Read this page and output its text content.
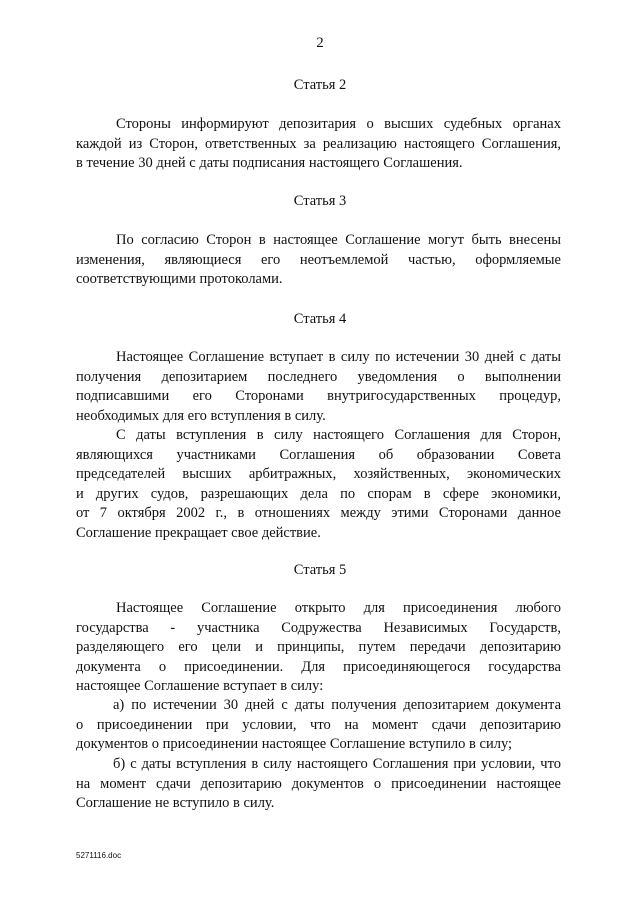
2
Статья 2
Стороны информируют депозитария о высших судебных органах
каждой из Сторон, ответственных за реализацию настоящего Соглашения,
в течение 30 дней с даты подписания настоящего Соглашения.
Статья 3
По согласию Сторон в настоящее Соглашение могут быть внесены
изменения, являющиеся его неотъемлемой частью, оформляемые
соответствующими протоколами.
Статья 4
Настоящее Соглашение вступает в силу по истечении 30 дней с даты
получения депозитарием последнего уведомления о выполнении
подписавшими его Сторонами внутригосударственных процедур,
необходимых для его вступления в силу.
С даты вступления в силу настоящего Соглашения для Сторон,
являющихся участниками Соглашения об образовании Совета
председателей высших арбитражных, хозяйственных, экономических
и других судов, разрешающих дела по спорам в сфере экономики,
от 7 октября 2002 г., в отношениях между этими Сторонами данное
Соглашение прекращает свое действие.
Статья 5
Настоящее Соглашение открыто для присоединения любого
государства - участника Содружества Независимых Государств,
разделяющего его цели и принципы, путем передачи депозитарию
документа о присоединении. Для присоединяющегося государства
настоящее Соглашение вступает в силу:
а) по истечении 30 дней с даты получения депозитарием документа
о присоединении при условии, что на момент сдачи депозитарию
документов о присоединении настоящее Соглашение вступило в силу;
б) с даты вступления в силу настоящего Соглашения при условии, что
на момент сдачи депозитарию документов о присоединении настоящее
Соглашение не вступило в силу.
5271116.doc
